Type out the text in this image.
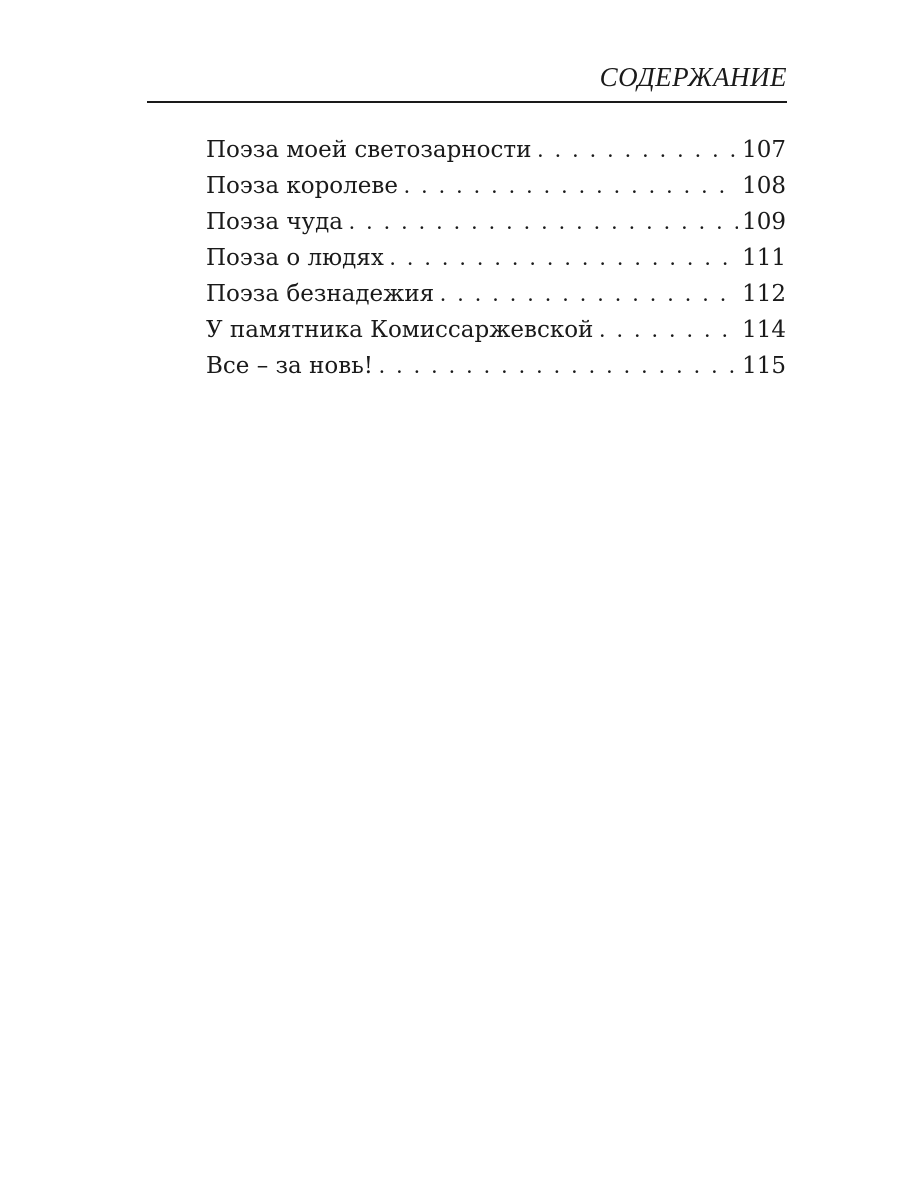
СОДЕРЖАНИЕ
Поэза моей светозарности . . .	107
Поэза королеве . . .	108
Поэза чуда . . .	109
Поэза о людях . . .	111
Поэза безнадежия . . .	112
У памятника Комиссаржевской . . .	114
Все – за новь! . . .	115
